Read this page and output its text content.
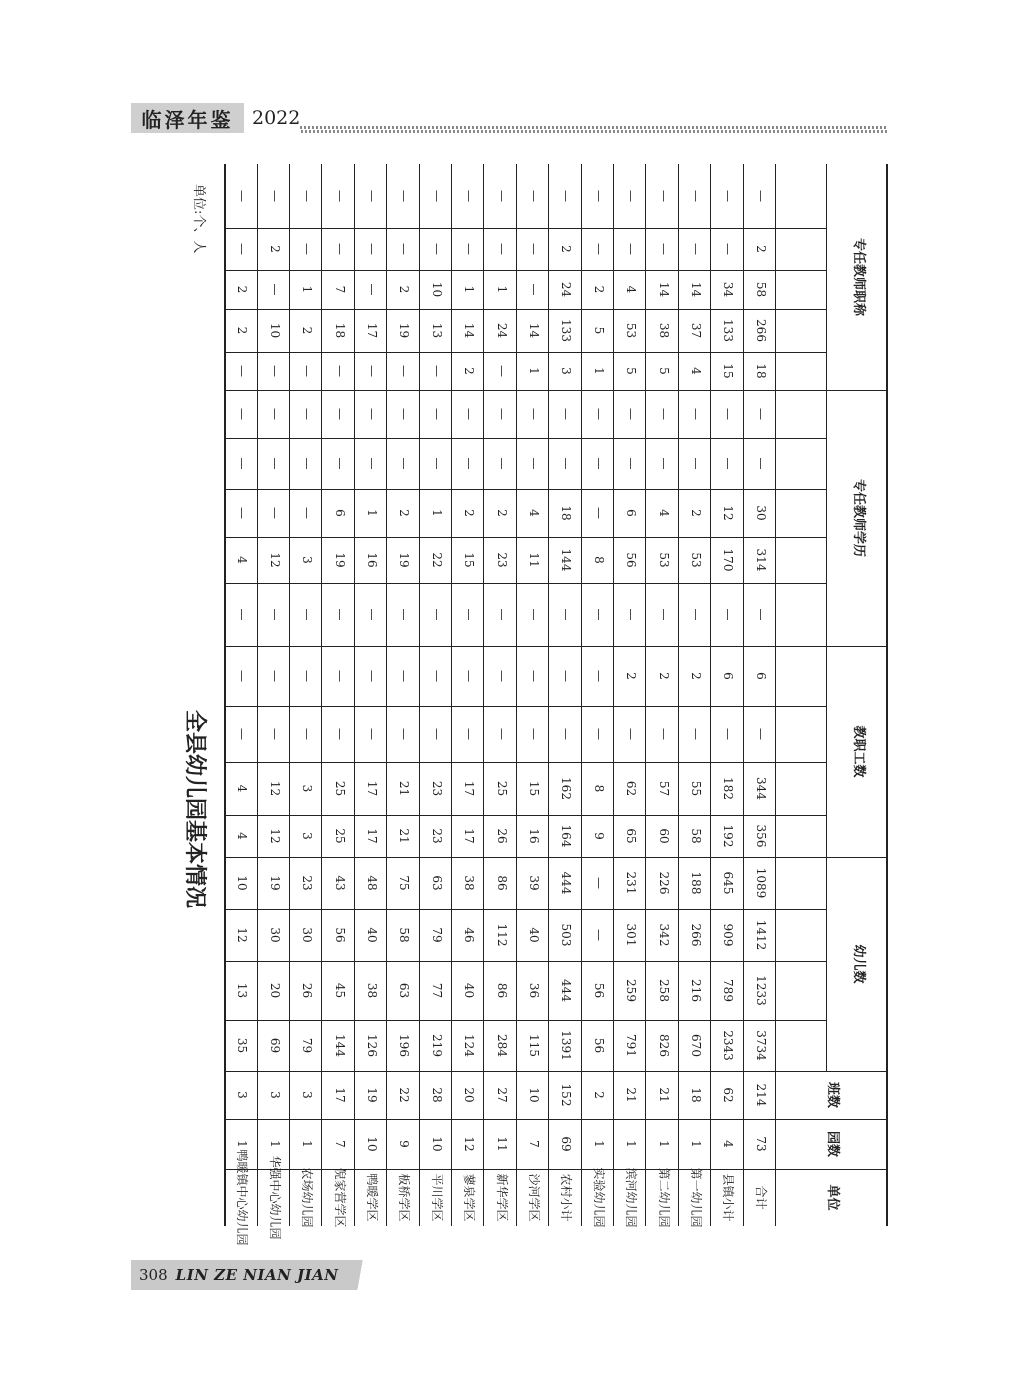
临泽年鉴 2022
全县幼儿园基本情况
单位:个、人
专任教师职称
专任教师学历
教职工数
幼儿数
班数
园数
单位
合计
73
214
3734
1233
1412
1089
356
344
—
6
—
314
30
—
—
18
266
58
2
—
县镇小计
4
62
2343
789
909
645
192
182
—
6
—
170
12
—
—
15
133
34
—
—
第一幼儿园
1
18
670
216
266
188
58
55
—
2
—
53
2
—
—
4
37
14
—
—
第二幼儿园
1
21
826
258
342
226
60
57
—
2
—
53
4
—
—
5
38
14
—
—
滨河幼儿园
1
21
791
259
301
231
65
62
—
2
—
56
6
—
—
5
53
4
—
—
实验幼儿园
1
2
56
56
—
—
9
8
—
—
—
8
—
—
—
1
5
2
—
—
农村小计
69
152
1391
444
503
444
164
162
—
—
—
144
18
—
—
3
133
24
2
—
沙河学区
7
10
115
36
40
39
16
15
—
—
—
11
4
—
—
1
14
—
—
—
新华学区
11
27
284
86
112
86
26
25
—
—
—
23
2
—
—
—
24
1
—
—
蓼泉学区
12
20
124
40
46
38
17
17
—
—
—
15
2
—
—
2
14
1
—
—
平川学区
10
28
219
77
79
63
23
23
—
—
—
22
1
—
—
—
13
10
—
—
板桥学区
9
22
196
63
58
75
21
21
—
—
—
19
2
—
—
—
19
2
—
—
鸭暖学区
10
19
126
38
40
48
17
17
—
—
—
16
1
—
—
—
17
—
—
—
倪家营学区
7
17
144
45
56
43
25
25
—
—
—
19
6
—
—
—
18
7
—
—
农场幼儿园
1
3
79
26
30
23
3
3
—
—
—
3
—
—
—
—
2
1
—
—
华强中心幼儿园
1
3
69
20
30
19
12
12
—
—
—
12
—
—
—
—
10
—
2
—
鸭暖镇中心幼儿园
1
3
35
13
12
10
4
4
—
—
—
4
—
—
—
—
2
2
—
—
308 LIN ZE NIAN JIAN
